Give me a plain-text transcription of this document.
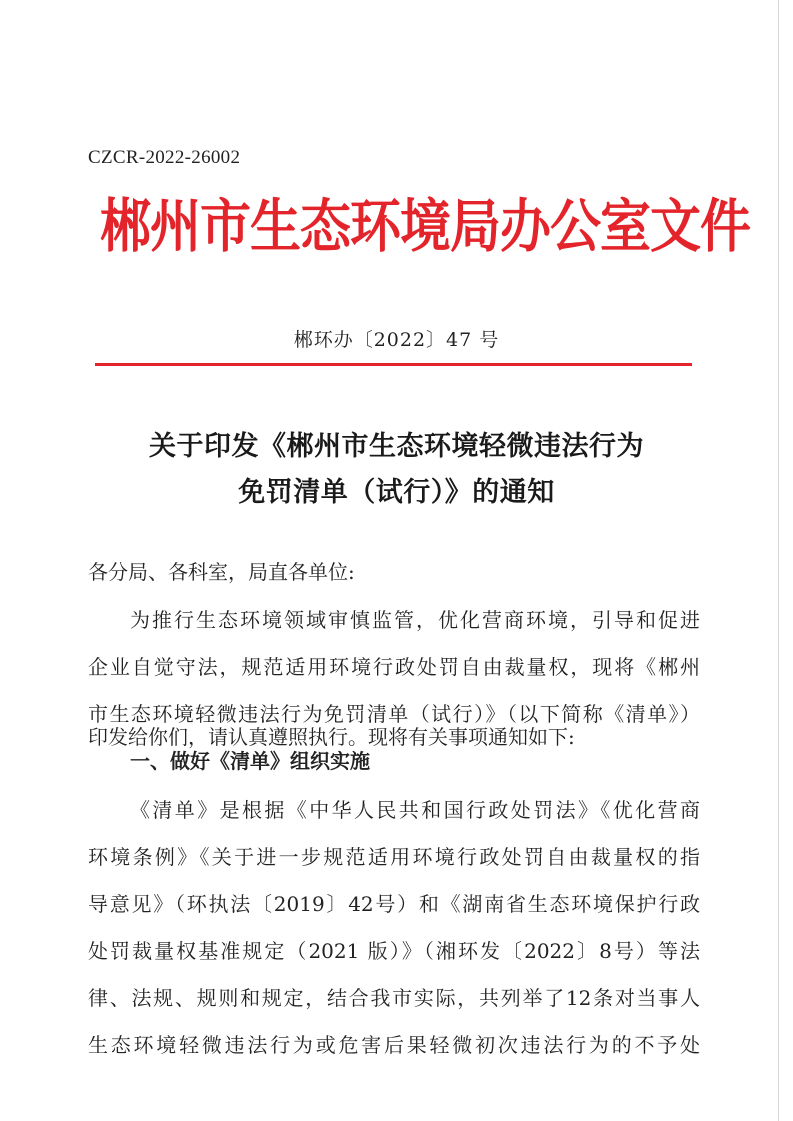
CZCR-2022-26002
郴州市生态环境局办公室文件
郴环办〔2022〕47 号
关于印发《郴州市生态环境轻微违法行为
免罚清单（试行）》的通知
各分局、各科室，局直各单位:
为推行生态环境领域审慎监管，优化营商环境，引导和促进
企业自觉守法，规范适用环境行政处罚自由裁量权，现将《郴州
市生态环境轻微违法行为免罚清单（试行）》（以下简称《清单》）
印发给你们，请认真遵照执行。现将有关事项通知如下:
一、做好《清单》组织实施
《清单》是根据《中华人民共和国行政处罚法》《优化营商
环境条例》《关于进一步规范适用环境行政处罚自由裁量权的指
导意见》（环执法〔2019〕42号）和《湖南省生态环境保护行政
处罚裁量权基准规定（2021 版）》（湘环发〔2022〕8号）等法
律、法规、规则和规定，结合我市实际，共列举了12条对当事人
生态环境轻微违法行为或危害后果轻微初次违法行为的不予处
